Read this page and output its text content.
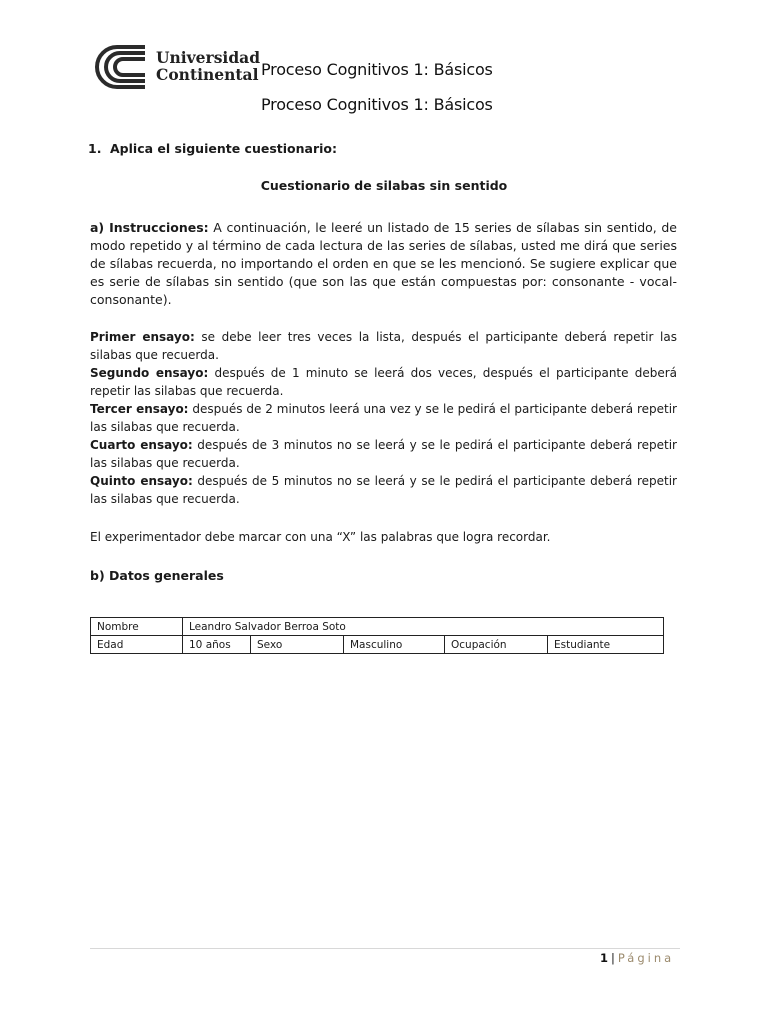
Universidad
Continental Proceso Cognitivos 1: Básicos
Proceso Cognitivos 1: Básicos
1. Aplica el siguiente cuestionario:
Cuestionario de silabas sin sentido
a) Instrucciones: A continuación, le leeré un listado de 15 series de sílabas sin sentido, de modo repetido y al término de cada lectura de las series de sílabas, usted me dirá que series de sílabas recuerda, no importando el orden en que se les mencionó. Se sugiere explicar que es serie de sílabas sin sentido (que son las que están compuestas por: consonante - vocal-consonante).
Primer ensayo: se debe leer tres veces la lista, después el participante deberá repetir las silabas que recuerda.
Segundo ensayo: después de 1 minuto se leerá dos veces, después el participante deberá repetir las silabas que recuerda.
Tercer ensayo: después de 2 minutos leerá una vez y se le pedirá el participante deberá repetir las silabas que recuerda.
Cuarto ensayo: después de 3 minutos no se leerá y se le pedirá el participante deberá repetir las silabas que recuerda.
Quinto ensayo: después de 5 minutos no se leerá y se le pedirá el participante deberá repetir las silabas que recuerda.
El experimentador debe marcar con una “X” las palabras que logra recordar.
b) Datos generales
Nombre	Leandro Salvador Berroa Soto				
Edad	10 años	Sexo	Masculino	Ocupación	Estudiante
1 | Página
